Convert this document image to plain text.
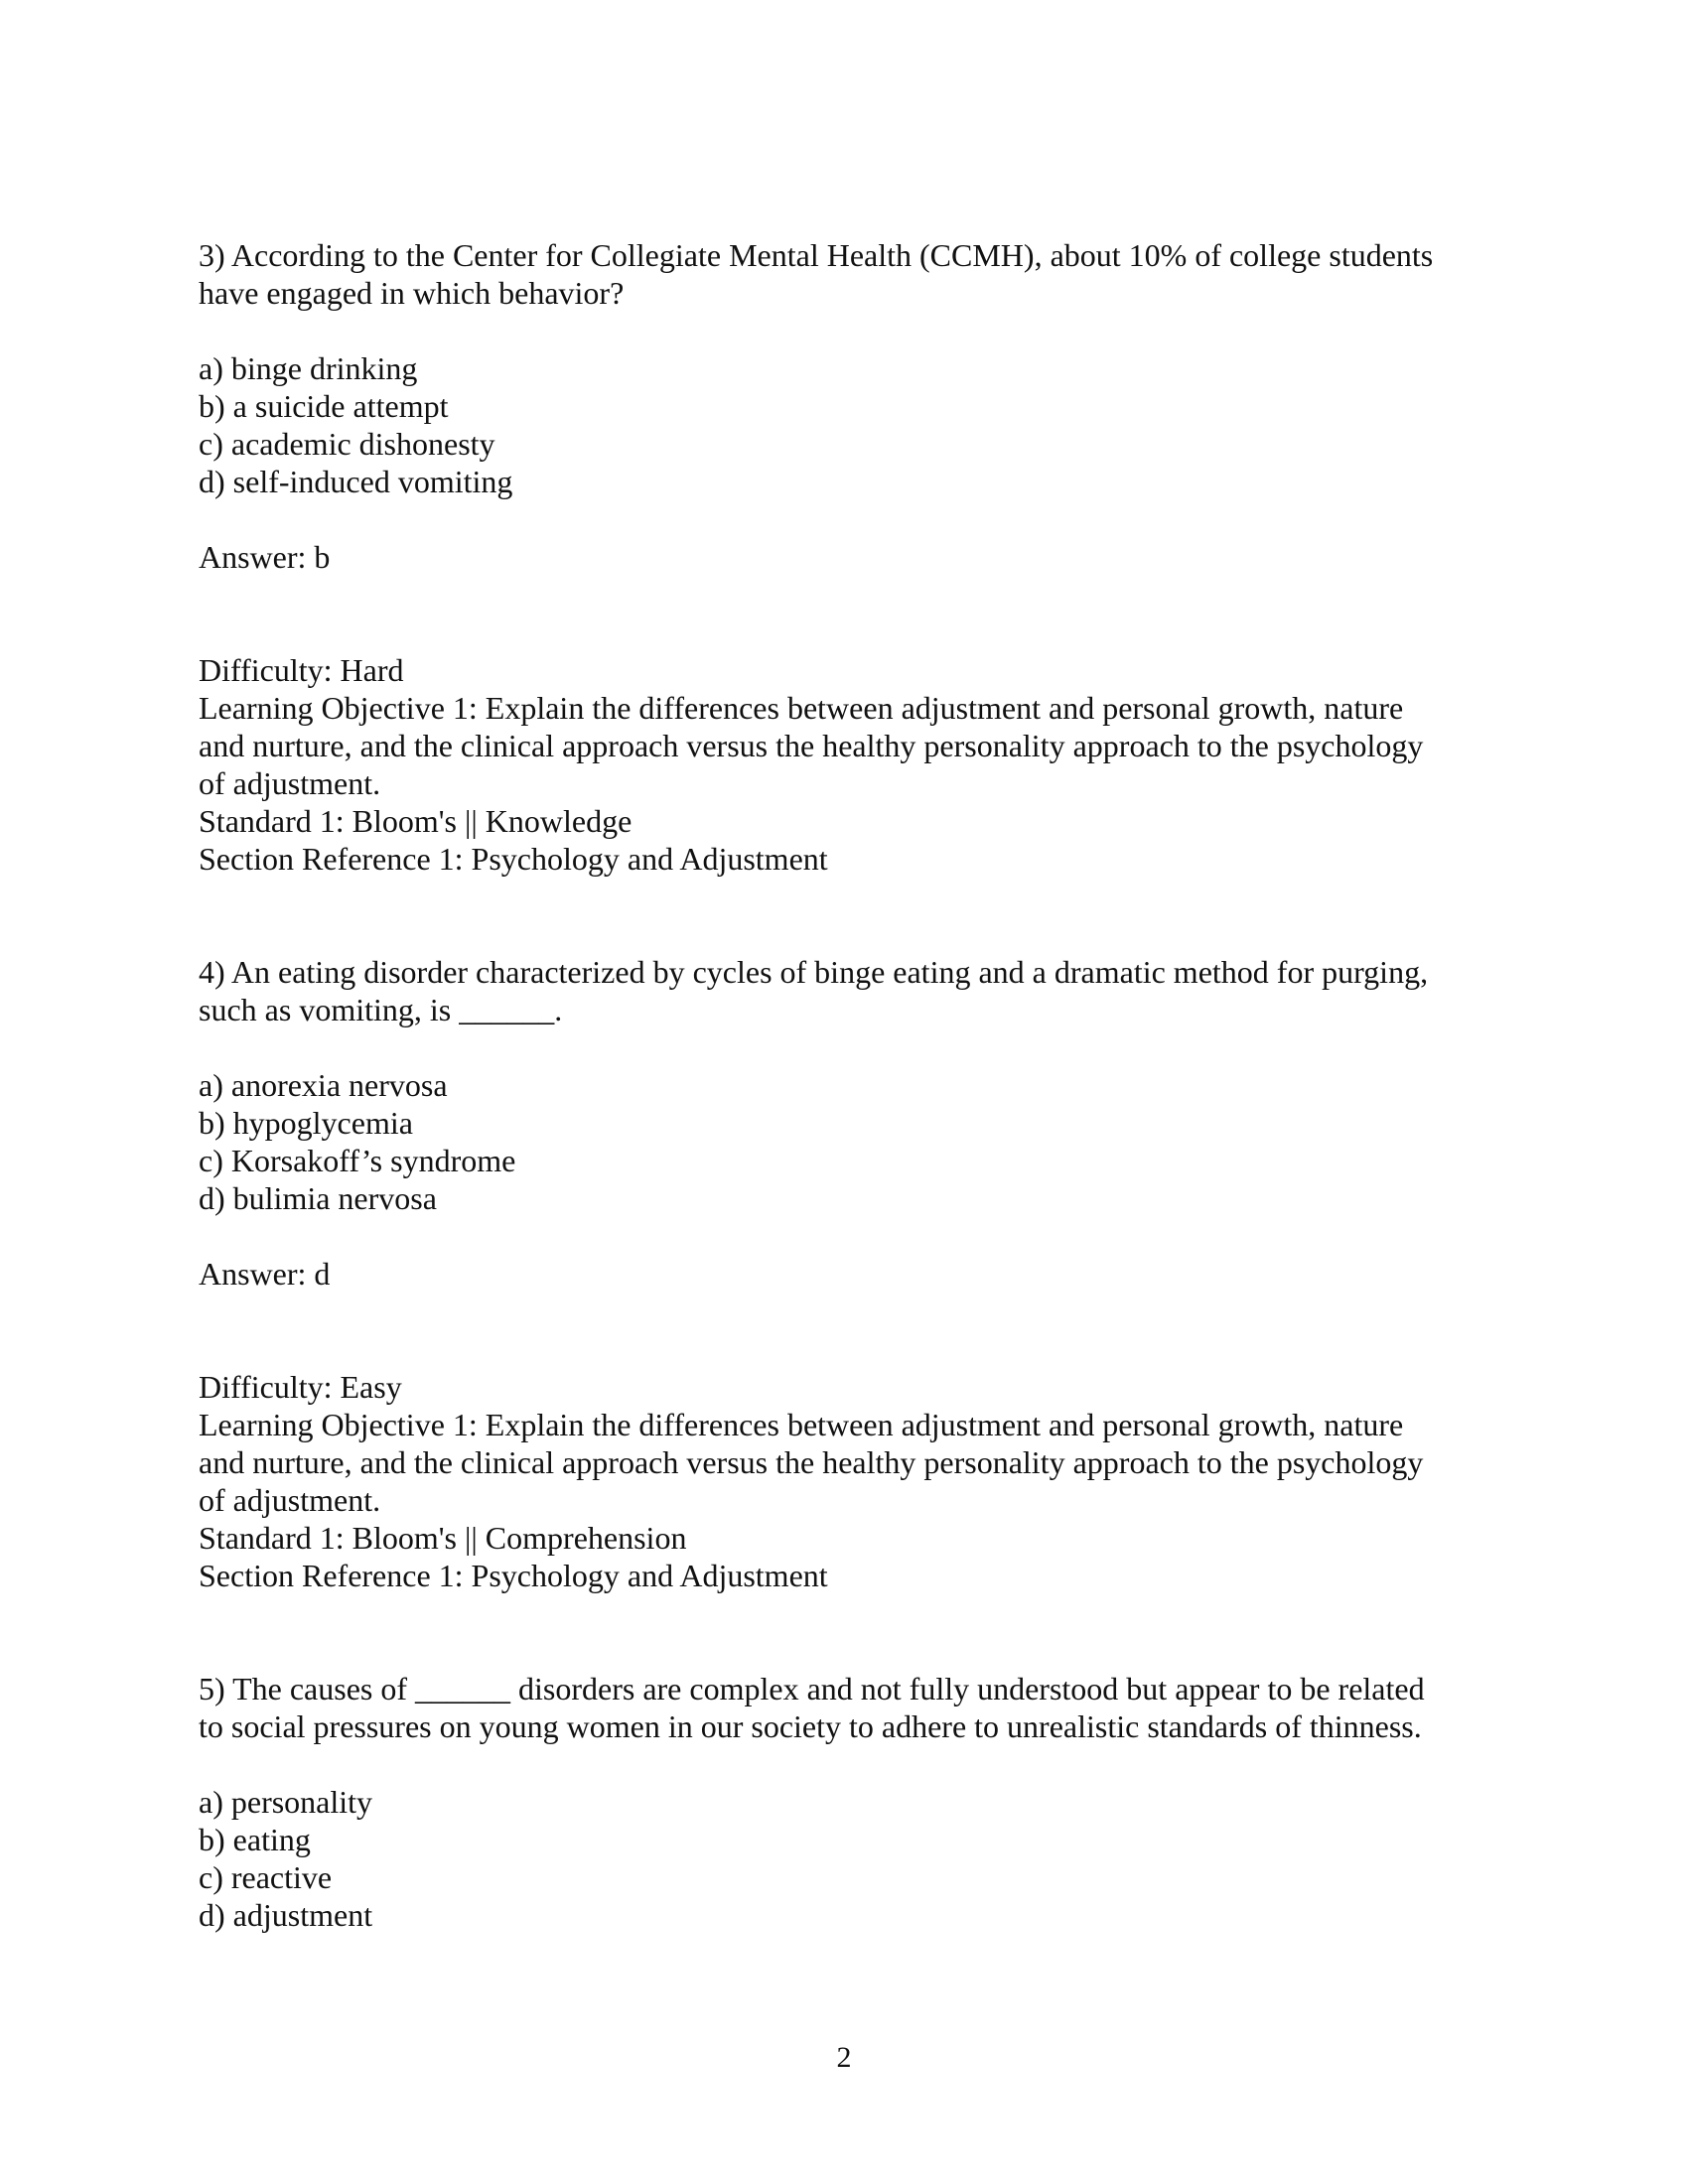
3) According to the Center for Collegiate Mental Health (CCMH), about 10% of college students
have engaged in which behavior?
a) binge drinking
b) a suicide attempt
c) academic dishonesty
d) self-induced vomiting
Answer: b
Difficulty: Hard
Learning Objective 1: Explain the differences between adjustment and personal growth, nature
and nurture, and the clinical approach versus the healthy personality approach to the psychology
of adjustment.
Standard 1: Bloom's || Knowledge
Section Reference 1: Psychology and Adjustment
4) An eating disorder characterized by cycles of binge eating and a dramatic method for purging,
such as vomiting, is ______.
a) anorexia nervosa
b) hypoglycemia
c) Korsakoff’s syndrome
d) bulimia nervosa
Answer: d
Difficulty: Easy
Learning Objective 1: Explain the differences between adjustment and personal growth, nature
and nurture, and the clinical approach versus the healthy personality approach to the psychology
of adjustment.
Standard 1: Bloom's || Comprehension
Section Reference 1: Psychology and Adjustment
5) The causes of ______ disorders are complex and not fully understood but appear to be related
to social pressures on young women in our society to adhere to unrealistic standards of thinness.
a) personality
b) eating
c) reactive
d) adjustment
2
